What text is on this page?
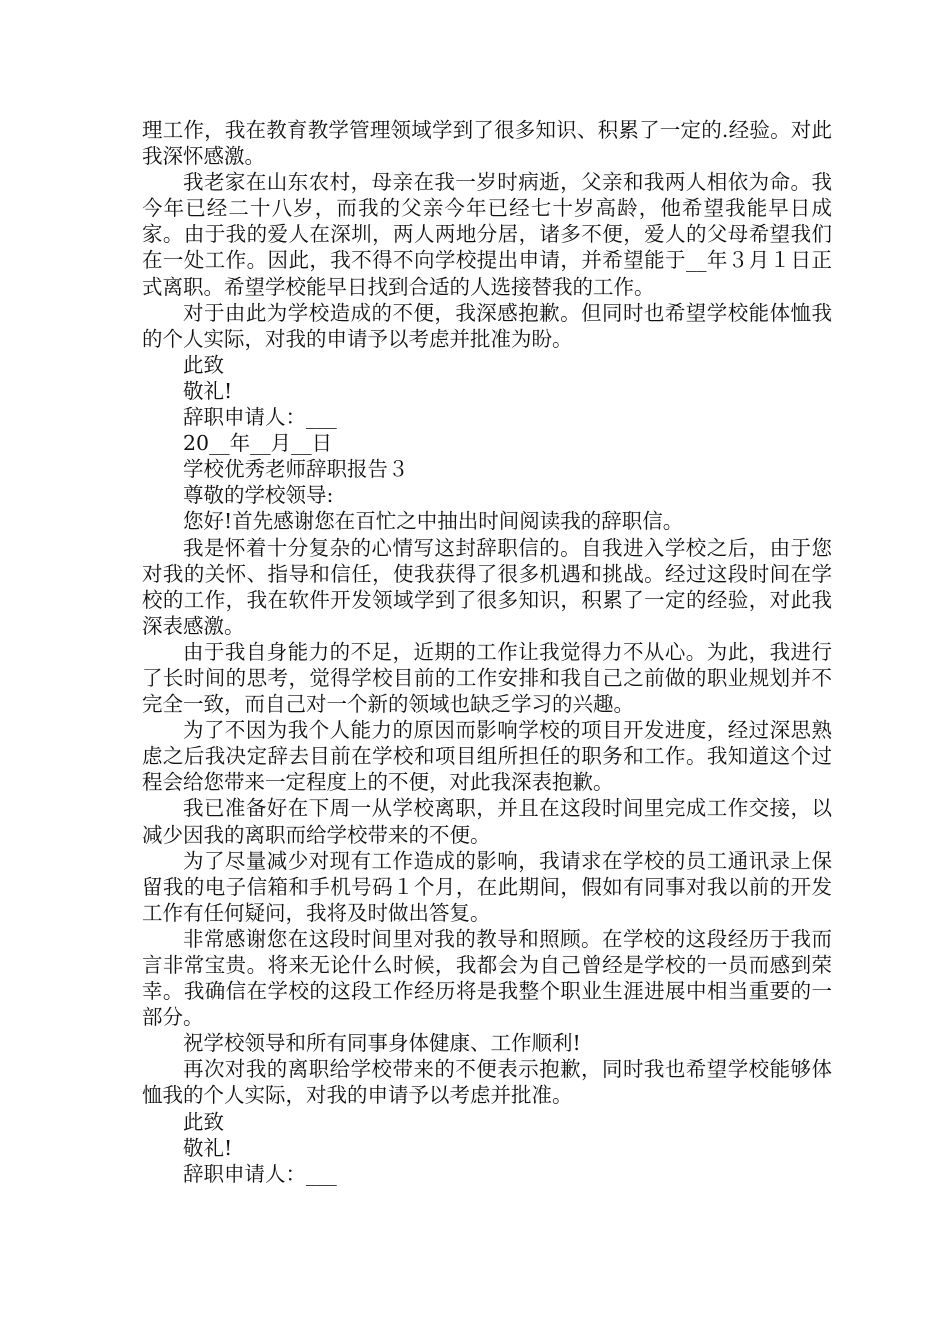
理工作，我在教育教学管理领域学到了很多知识、积累了一定的.经验。对此我深怀感激。

我老家在山东农村，母亲在我一岁时病逝，父亲和我两人相依为命。我今年已经二十八岁，而我的父亲今年已经七十岁高龄，他希望我能早日成家。由于我的爱人在深圳，两人两地分居，诸多不便，爱人的父母希望我们在一处工作。因此，我不得不向学校提出申请，并希望能于__年３月１日正式离职。希望学校能早日找到合适的人选接替我的工作。

对于由此为学校造成的不便，我深感抱歉。但同时也希望学校能体恤我的个人实际，对我的申请予以考虑并批准为盼。

此致

敬礼!

辞职申请人：___

20__年__月__日

学校优秀老师辞职报告３

尊敬的学校领导:

您好!首先感谢您在百忙之中抽出时间阅读我的辞职信。

我是怀着十分复杂的心情写这封辞职信的。自我进入学校之后，由于您对我的关怀、指导和信任，使我获得了很多机遇和挑战。经过这段时间在学校的工作，我在软件开发领域学到了很多知识，积累了一定的经验，对此我深表感激。

由于我自身能力的不足，近期的工作让我觉得力不从心。为此，我进行了长时间的思考，觉得学校目前的工作安排和我自己之前做的职业规划并不完全一致，而自己对一个新的领域也缺乏学习的兴趣。

为了不因为我个人能力的原因而影响学校的项目开发进度，经过深思熟虑之后我决定辞去目前在学校和项目组所担任的职务和工作。我知道这个过程会给您带来一定程度上的不便，对此我深表抱歉。

我已准备好在下周一从学校离职，并且在这段时间里完成工作交接，以减少因我的离职而给学校带来的不便。

为了尽量减少对现有工作造成的影响，我请求在学校的员工通讯录上保留我的电子信箱和手机号码１个月，在此期间，假如有同事对我以前的开发工作有任何疑问，我将及时做出答复。

非常感谢您在这段时间里对我的教导和照顾。在学校的这段经历于我而言非常宝贵。将来无论什么时候，我都会为自己曾经是学校的一员而感到荣幸。我确信在学校的这段工作经历将是我整个职业生涯进展中相当重要的一部分。

祝学校领导和所有同事身体健康、工作顺利!

再次对我的离职给学校带来的不便表示抱歉，同时我也希望学校能够体恤我的个人实际，对我的申请予以考虑并批准。

此致

敬礼!

辞职申请人：___
